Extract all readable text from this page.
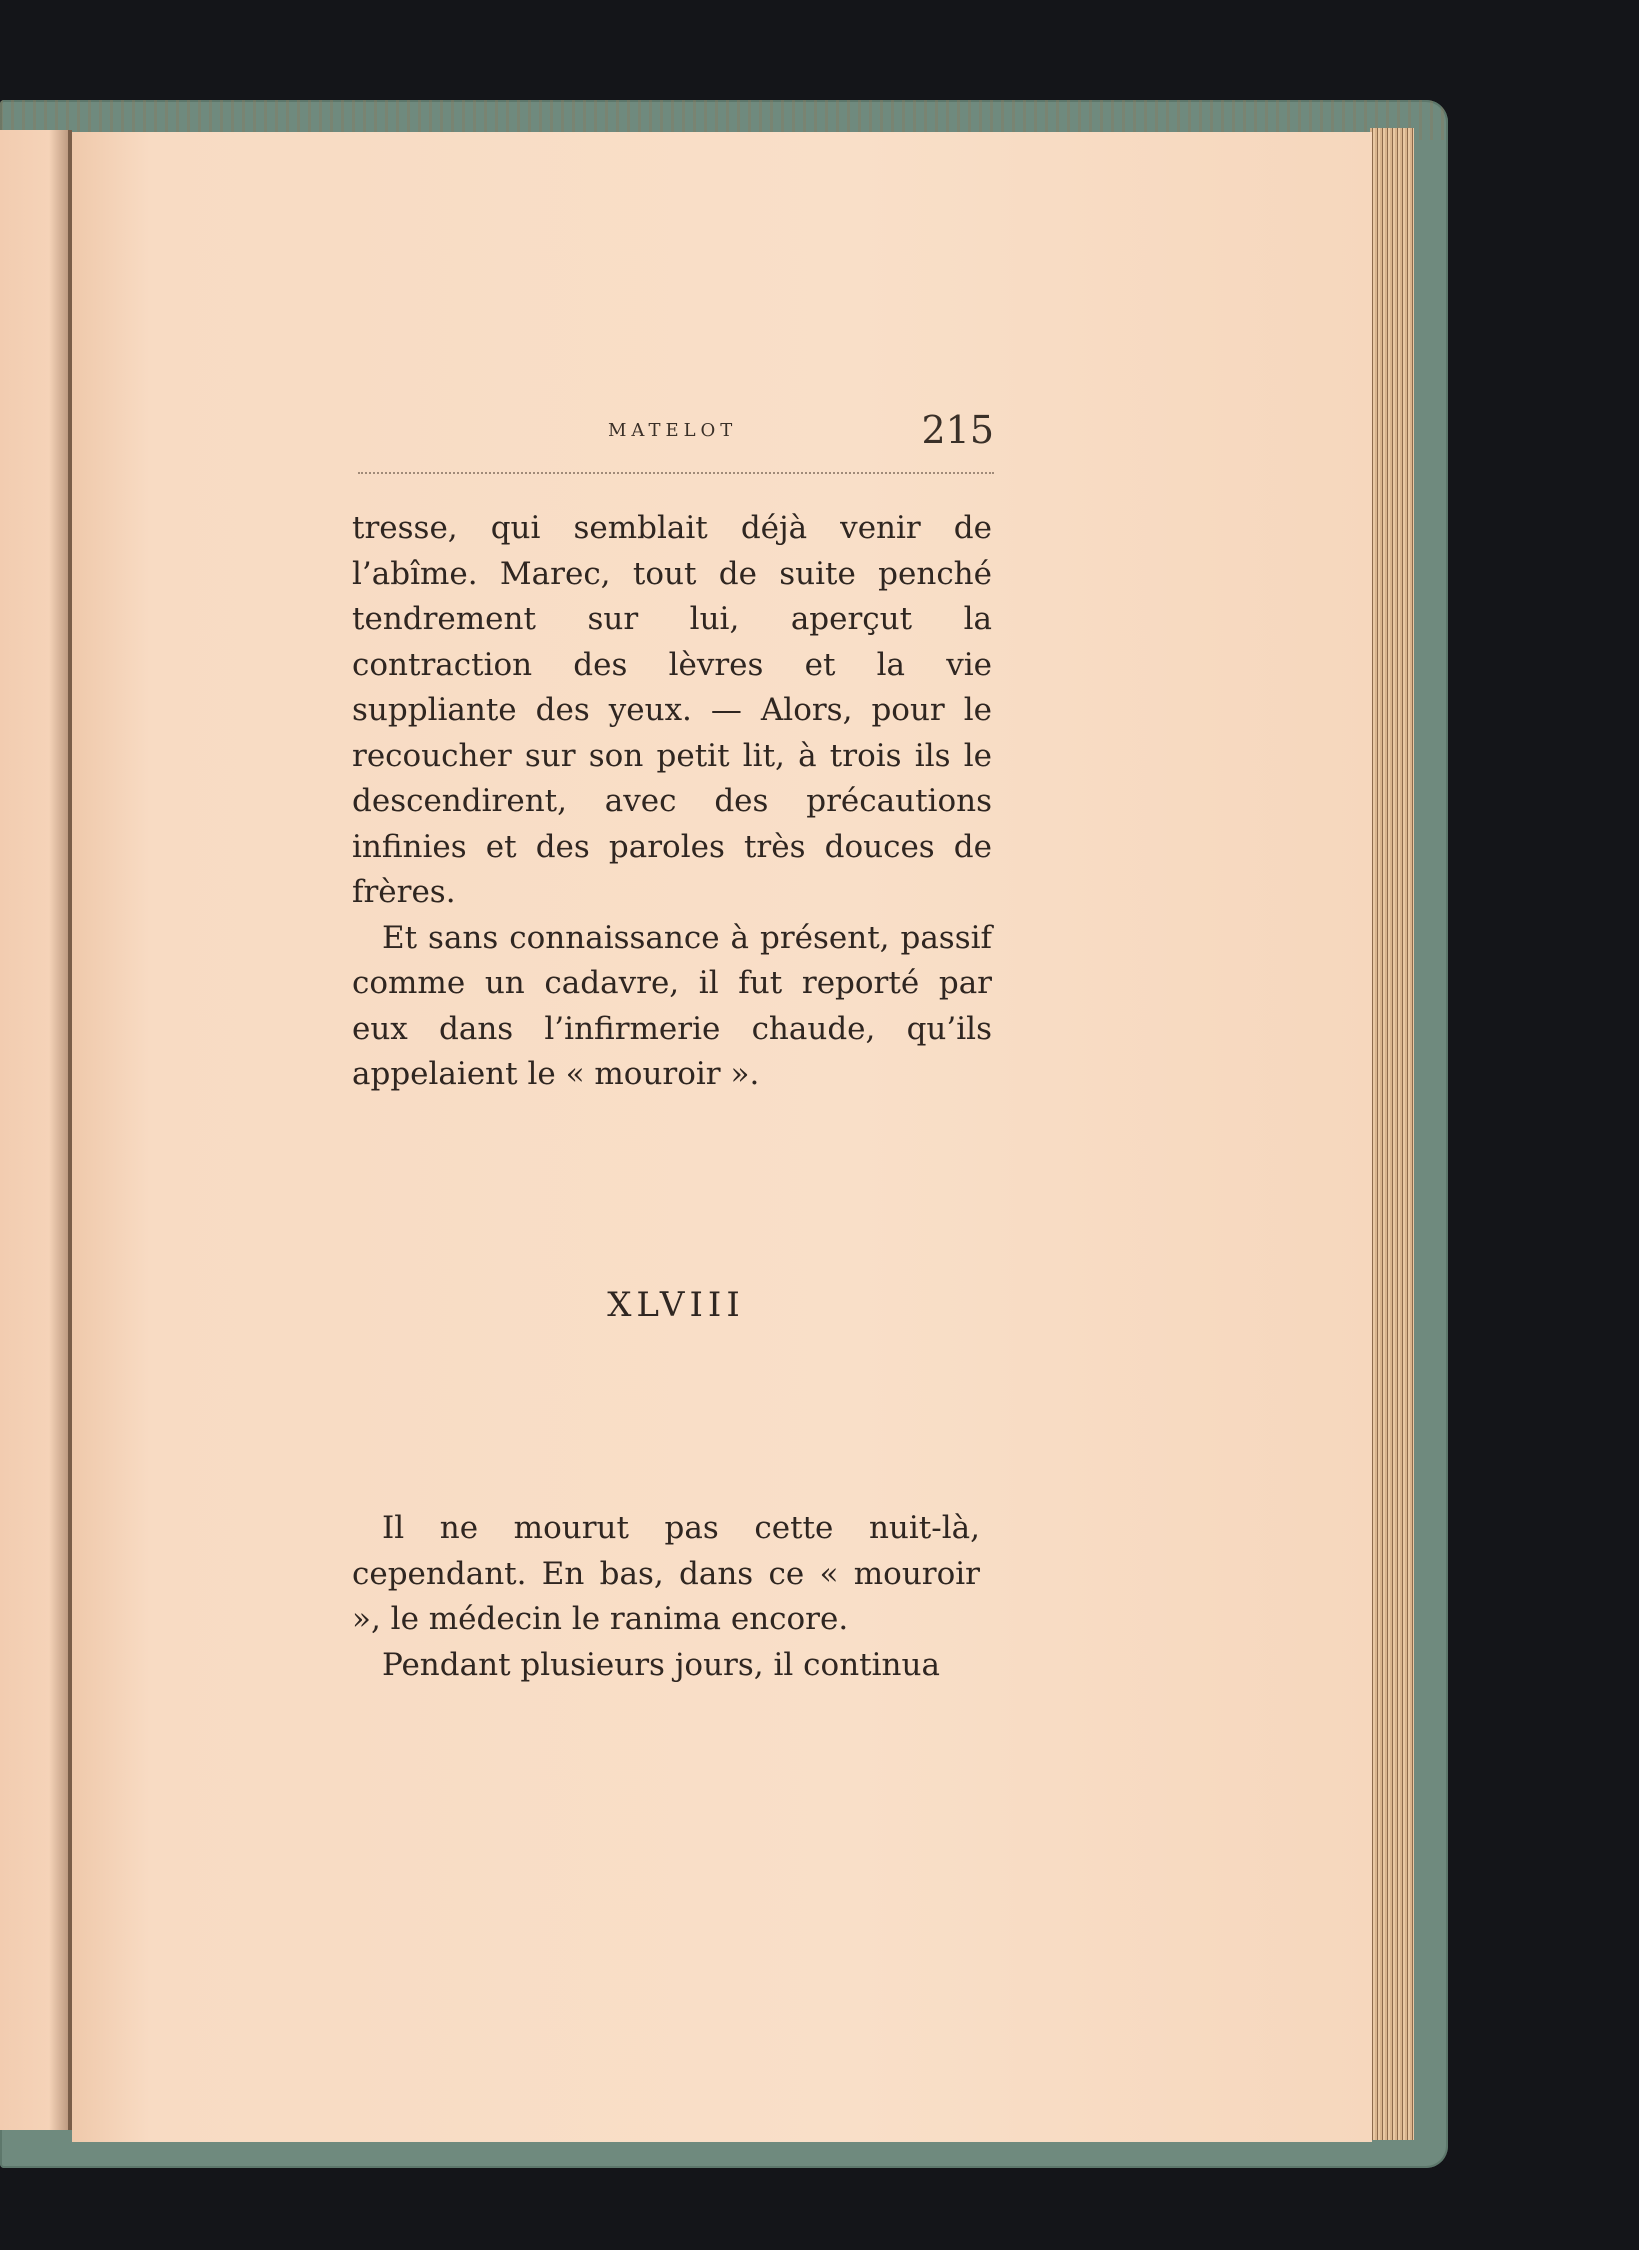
MATELOT	215

tresse, qui semblait déjà venir de l’abîme. Marec, tout de suite penché tendrement sur lui, aperçut la contraction des lèvres et la vie suppliante des yeux. — Alors, pour le recoucher sur son petit lit, à trois ils le descendirent, avec des précautions infinies et des paroles très douces de frères.

Et sans connaissance à présent, passif comme un cadavre, il fut reporté par eux dans l’infirmerie chaude, qu’ils appelaient le « mouroir ».

XLVIII

Il ne mourut pas cette nuit-là, cependant. En bas, dans ce « mouroir », le médecin le ranima encore.

Pendant plusieurs jours, il continua
